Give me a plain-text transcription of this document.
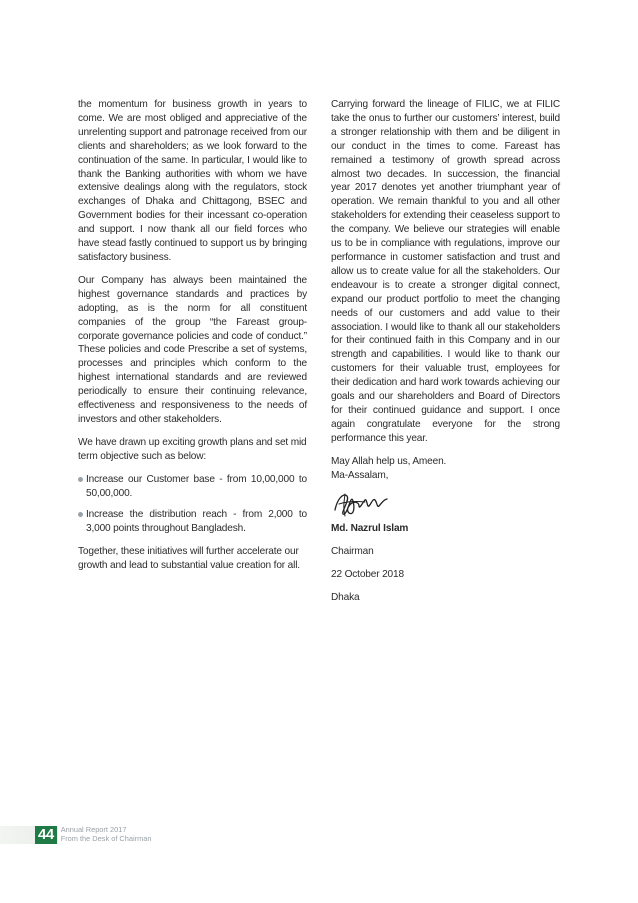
the momentum for business growth in years to come. We are most obliged and appreciative of the unrelenting support and patronage received from our clients and shareholders; as we look forward to the continuation of the same. In particular, I would like to thank the Banking authorities with whom we have extensive dealings along with the regulators, stock exchanges of Dhaka and Chittagong, BSEC and Government bodies for their incessant co-operation and support. I now thank all our field forces who have stead fastly continued to support us by bringing satisfactory business.

Our Company has always been maintained the highest governance standards and practices by adopting, as is the norm for all constituent companies of the group “the Fareast group-corporate governance policies and code of conduct.” These policies and code Prescribe a set of systems, processes and principles which conform to the highest international standards and are reviewed periodically to ensure their continuing relevance, effectiveness and responsiveness to the needs of investors and other stakeholders.

We have drawn up exciting growth plans and set mid term objective such as below:

Increase our Customer base - from 10,00,000 to 50,00,000.
Increase the distribution reach - from 2,000 to 3,000 points throughout Bangladesh.

Together, these initiatives will further accelerate our growth and lead to substantial value creation for all.

Carrying forward the lineage of FILIC, we at FILIC take the onus to further our customers’ interest, build a stronger relationship with them and be diligent in our conduct in the times to come. Fareast has remained a testimony of growth spread across almost two decades. In succession, the financial year 2017 denotes yet another triumphant year of operation. We remain thankful to you and all other stakeholders for extending their ceaseless support to the company. We believe our strategies will enable us to be in compliance with regulations, improve our performance in customer satisfaction and trust and allow us to create value for all the stakeholders. Our endeavour is to create a stronger digital connect, expand our product portfolio to meet the changing needs of our customers and add value to their association. I would like to thank all our stakeholders for their continued faith in this Company and in our strength and capabilities. I would like to thank our customers for their valuable trust, employees for their dedication and hard work towards achieving our goals and our shareholders and Board of Directors for their continued guidance and support. I once again congratulate everyone for the strong performance this year.

May Allah help us, Ameen.
Ma-Assalam,

Md. Nazrul Islam

Chairman

22 October 2018

Dhaka

44 Annual Report 2017
From the Desk of Chairman
